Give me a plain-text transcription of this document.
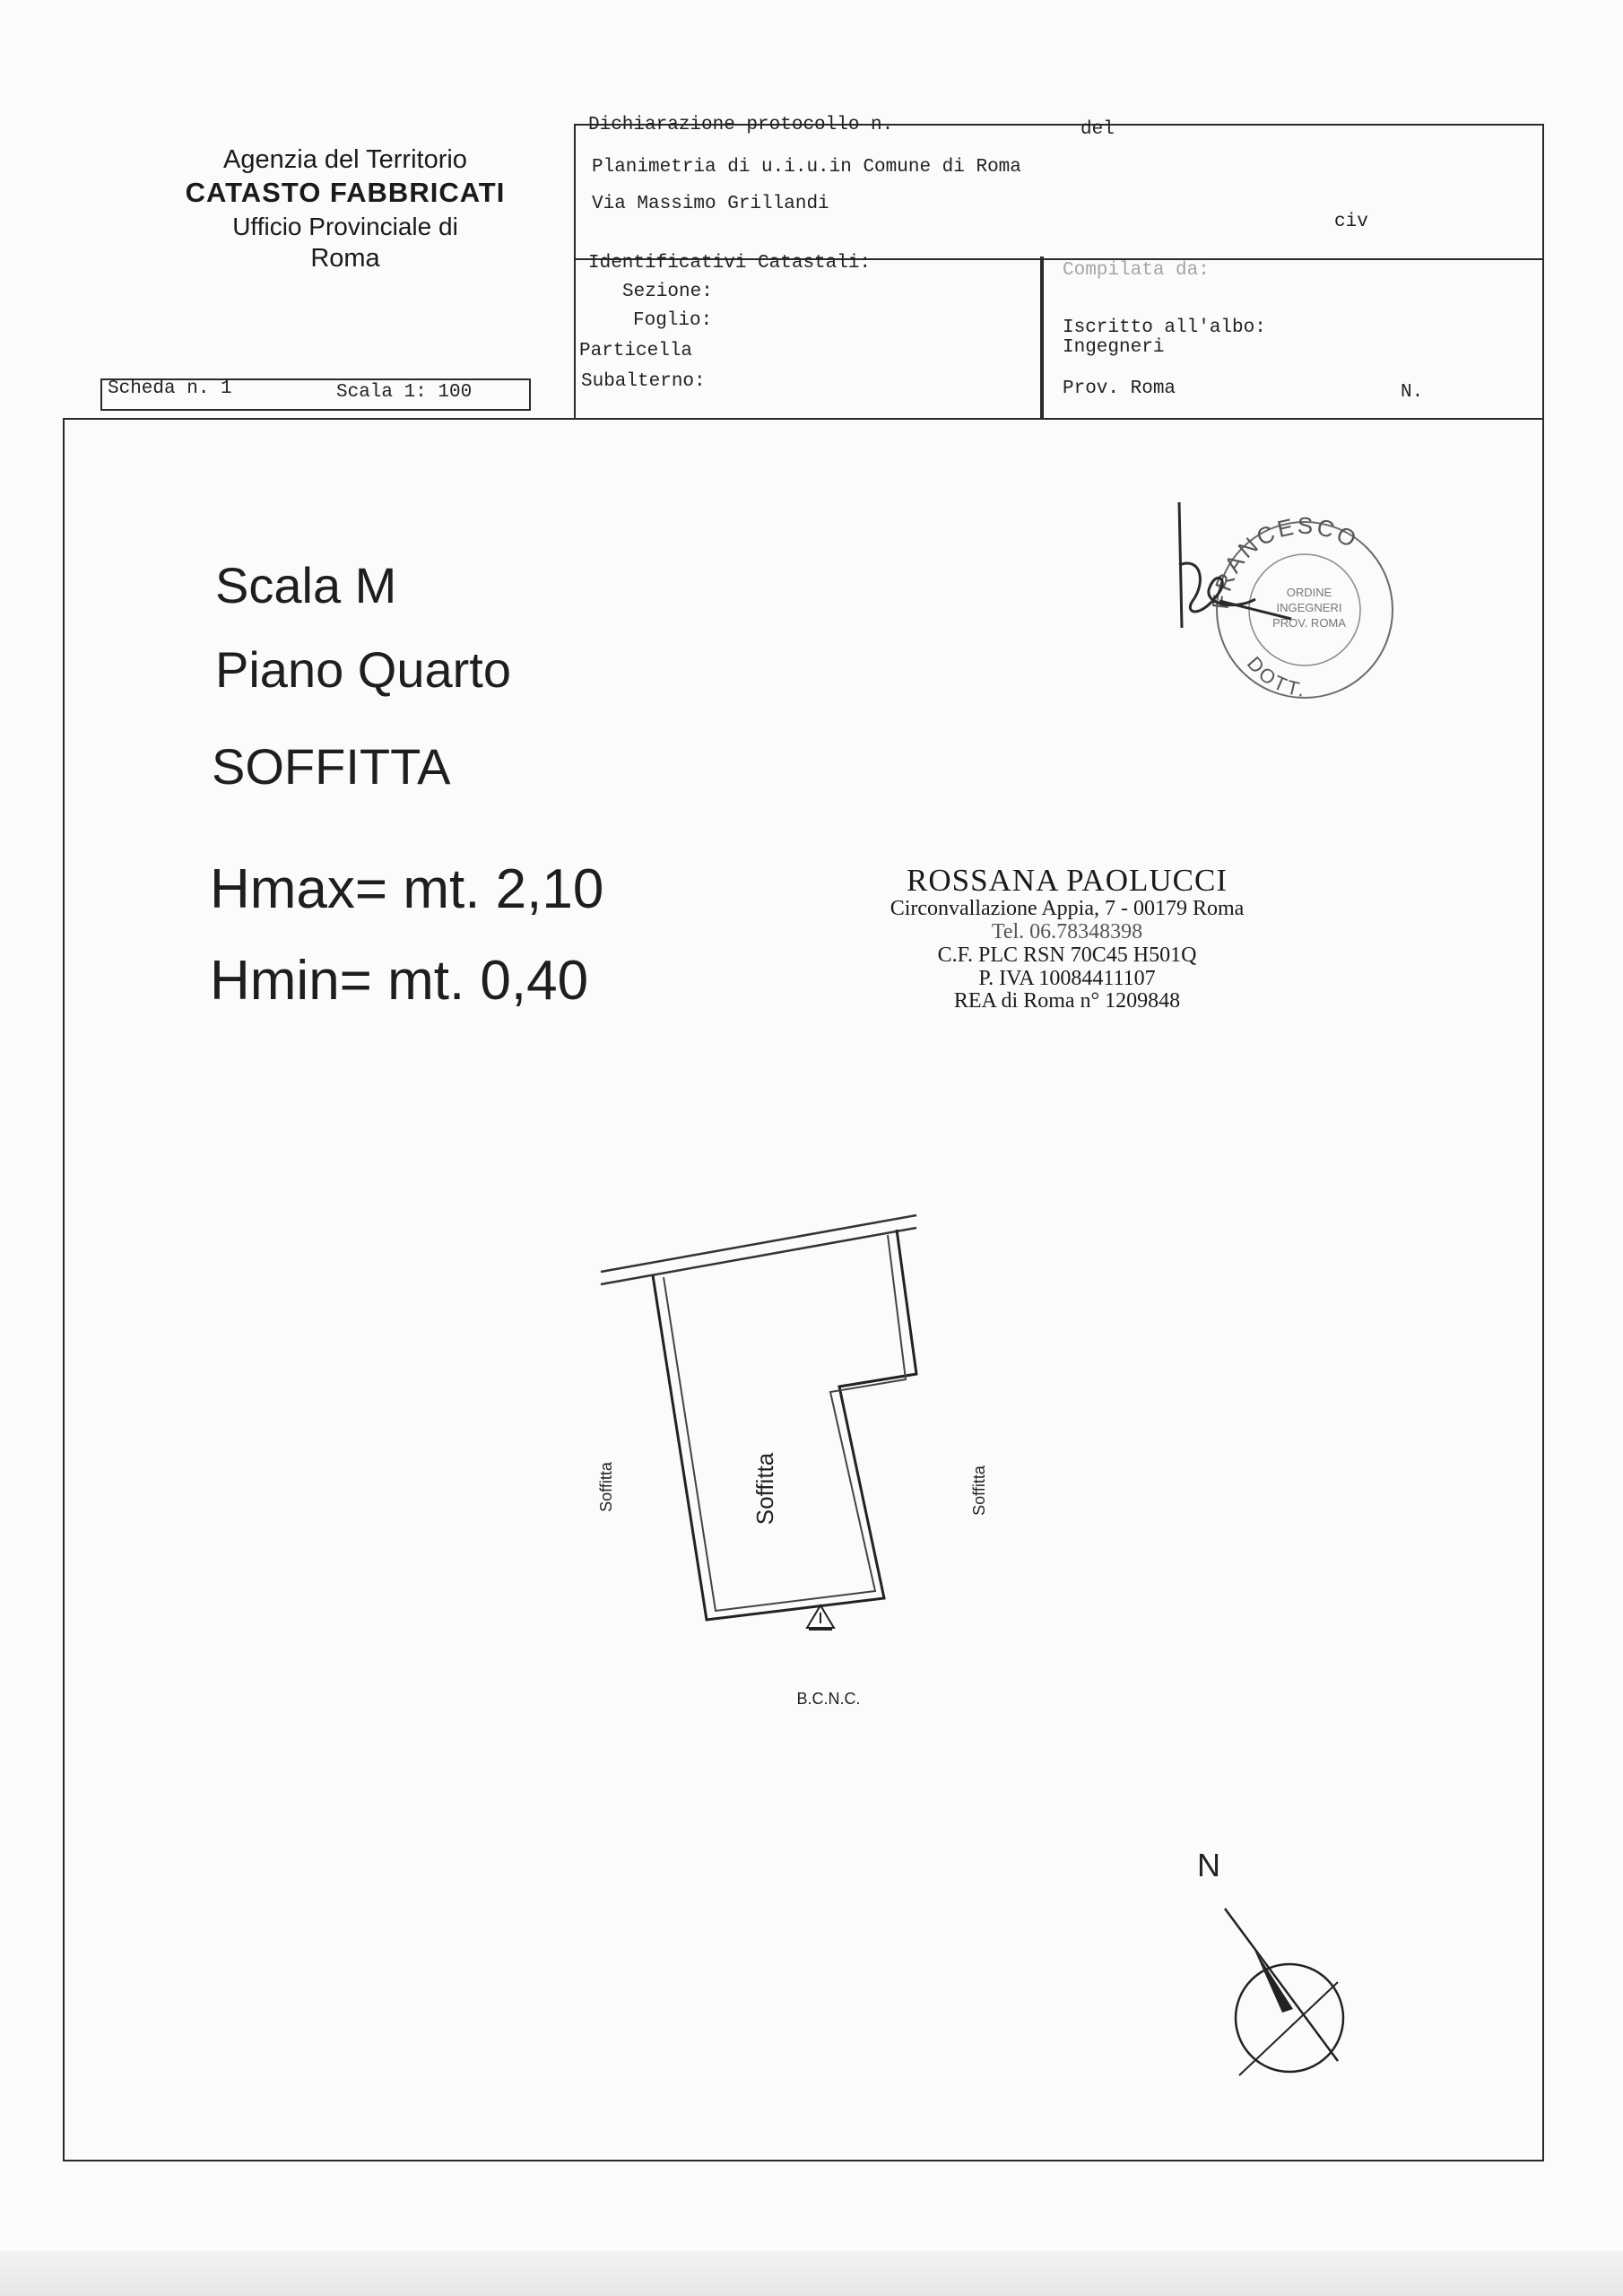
Agenzia del Territorio
CATASTO FABBRICATI
Ufficio Provinciale di
Roma
Dichiarazione protocollo n.	del
Planimetria di u.i.u.in Comune di Roma
Via Massimo Grillandi
civ
Identificativi Catastali:
Sezione:
Foglio:
Particella
Subalterno:
Compilata da:
Iscritto all'albo:
Ingegneri
Prov. Roma	N.
Scheda n. 1	Scala 1: 100
Scala M
Piano Quarto
SOFFITTA
Hmax= mt. 2,10
Hmin= mt. 0,40
ROSSANA PAOLUCCI
Circonvallazione Appia, 7 - 00179 Roma
Tel. 06.78348398
C.F. PLC RSN 70C45 H501Q
P. IVA 10084411107
REA di Roma n° 1209848
FRANCESCO
DOTT.
ORDINE
INGEGNERI
PROV. ROMA
Soffitta
Soffitta	Soffitta
B.C.N.C.
N
